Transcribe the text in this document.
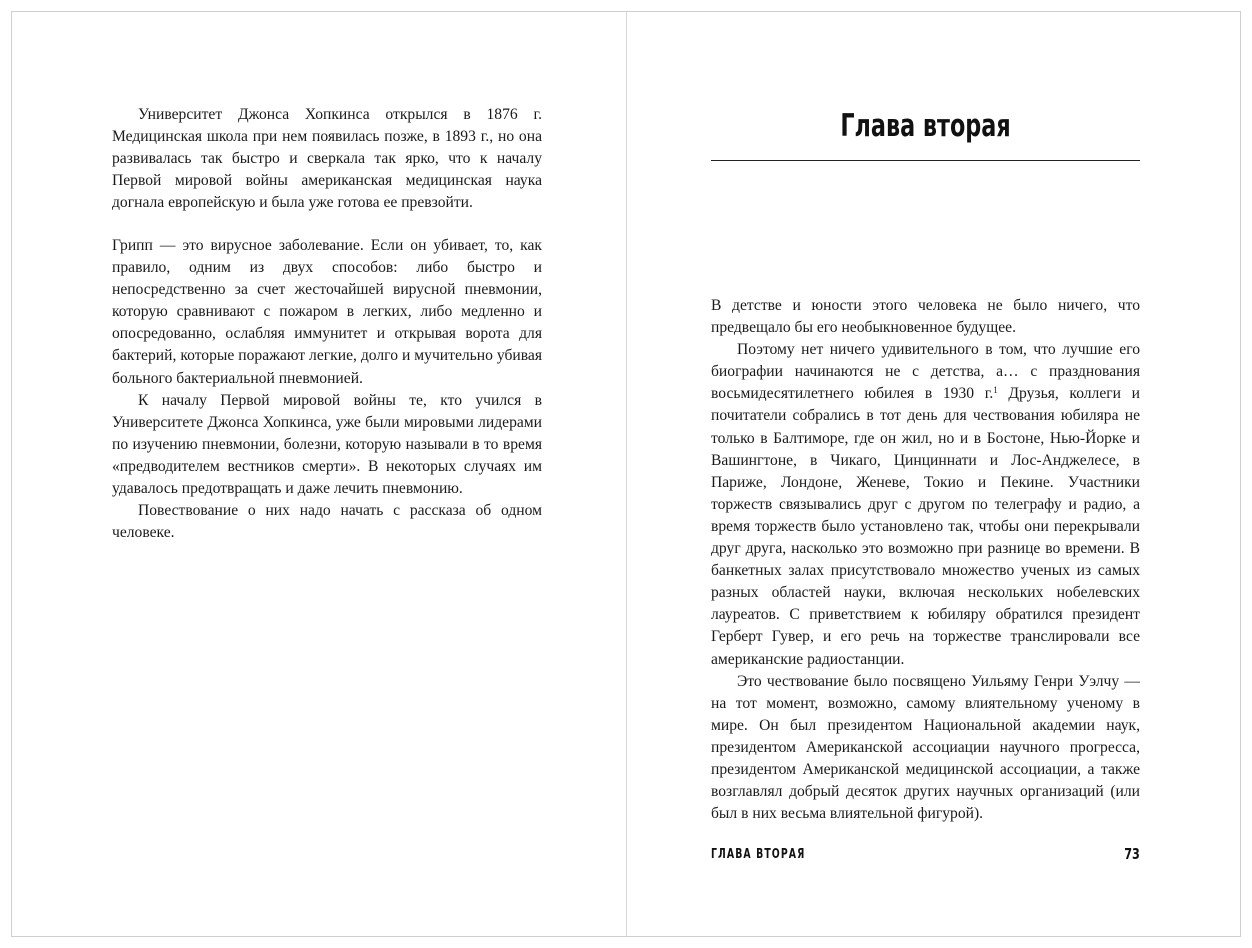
Университет Джонса Хопкинса открылся в 1876 г. Медицинская школа при нем появилась позже, в 1893 г., но она развивалась так быстро и сверкала так ярко, что к началу Первой мировой войны американская медицинская наука догнала европейскую и была уже готова ее превзойти.

Грипп — это вирусное заболевание. Если он убивает, то, как правило, одним из двух способов: либо быстро и непосредственно за счет жесточайшей вирусной пневмонии, которую сравнивают с пожаром в легких, либо медленно и опосредованно, ослабляя иммунитет и открывая ворота для бактерий, которые поражают легкие, долго и мучительно убивая больного бактериальной пневмонией.

К началу Первой мировой войны те, кто учился в Университете Джонса Хопкинса, уже были мировыми лидерами по изучению пневмонии, болезни, которую называли в то время «предводителем вестников смерти». В некоторых случаях им удавалось предотвращать и даже лечить пневмонию.

Повествование о них надо начать с рассказа об одном человеке.

Глава вторая

В детстве и юности этого человека не было ничего, что предвещало бы его необыкновенное будущее.

Поэтому нет ничего удивительного в том, что лучшие его биографии начинаются не с детства, а… с празднования восьмидесятилетнего юбилея в 1930 г.$^1$ Друзья, коллеги и почитатели собрались в тот день для чествования юбиляра не только в Балтиморе, где он жил, но и в Бостоне, Нью-Йорке и Вашингтоне, в Чикаго, Цинциннати и Лос-Анджелесе, в Париже, Лондоне, Женеве, Токио и Пекине. Участники торжеств связывались друг с другом по телеграфу и радио, а время торжеств было установлено так, чтобы они перекрывали друг друга, насколько это возможно при разнице во времени. В банкетных залах присутствовало множество ученых из самых разных областей науки, включая нескольких нобелевских лауреатов. С приветствием к юбиляру обратился президент Герберт Гувер, и его речь на торжестве транслировали все американские радиостанции.

Это чествование было посвящено Уильяму Генри Уэлчу — на тот момент, возможно, самому влиятельному ученому в мире. Он был президентом Национальной академии наук, президентом Американской ассоциации научного прогресса, президентом Американской медицинской ассоциации, а также возглавлял добрый десяток других научных организаций (или был в них весьма влиятельной фигурой).

ГЛАВА ВТОРАЯ	73
